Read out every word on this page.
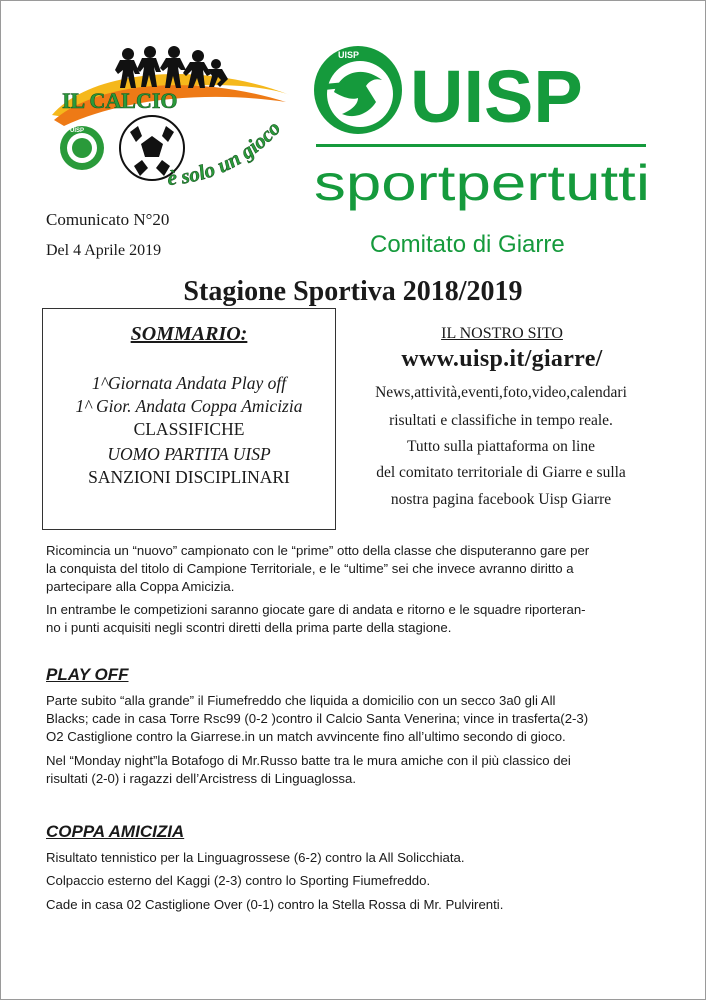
IL CALCIO
UISP
è solo un gioco
UISP UISP
sportpertutti
Comitato di Giarre
Comunicato N°20
Del 4 Aprile 2019
Stagione Sportiva 2018/2019
SOMMARIO:
1^Giornata Andata Play off
1^ Gior. Andata Coppa Amicizia
CLASSIFICHE
UOMO PARTITA UISP
SANZIONI DISCIPLINARI
IL NOSTRO SITO
www.uisp.it/giarre/
News,attività,eventi,foto,video,calendari
risultati e classifiche in tempo reale.
Tutto sulla piattaforma on line
del comitato territoriale di Giarre e sulla
nostra pagina facebook Uisp Giarre
Ricomincia un “nuovo” campionato con le “prime” otto della classe che disputeranno gare per
la conquista del titolo di Campione Territoriale, e le “ultime” sei che invece avranno diritto a
partecipare alla Coppa Amicizia.
In entrambe le competizioni saranno giocate gare di andata e ritorno e le squadre riporteran-
no i punti acquisiti negli scontri diretti della prima parte della stagione.
PLAY OFF
Parte subito “alla grande” il Fiumefreddo che liquida a domicilio con un secco 3a0 gli All
Blacks; cade in casa Torre Rsc99 (0-2 )contro il Calcio Santa Venerina; vince in trasferta(2-3)
O2 Castiglione contro la Giarrese.in un match avvincente fino all’ultimo secondo di gioco.
Nel “Monday night”la Botafogo di Mr.Russo batte tra le mura amiche con il più classico dei
risultati (2-0) i ragazzi dell’Arcistress di Linguaglossa.
COPPA AMICIZIA
Risultato tennistico per la Linguagrossese (6-2) contro la All Solicchiata.
Colpaccio esterno del Kaggi (2-3) contro lo Sporting Fiumefreddo.
Cade in casa 02 Castiglione Over (0-1) contro la Stella Rossa di Mr. Pulvirenti.
